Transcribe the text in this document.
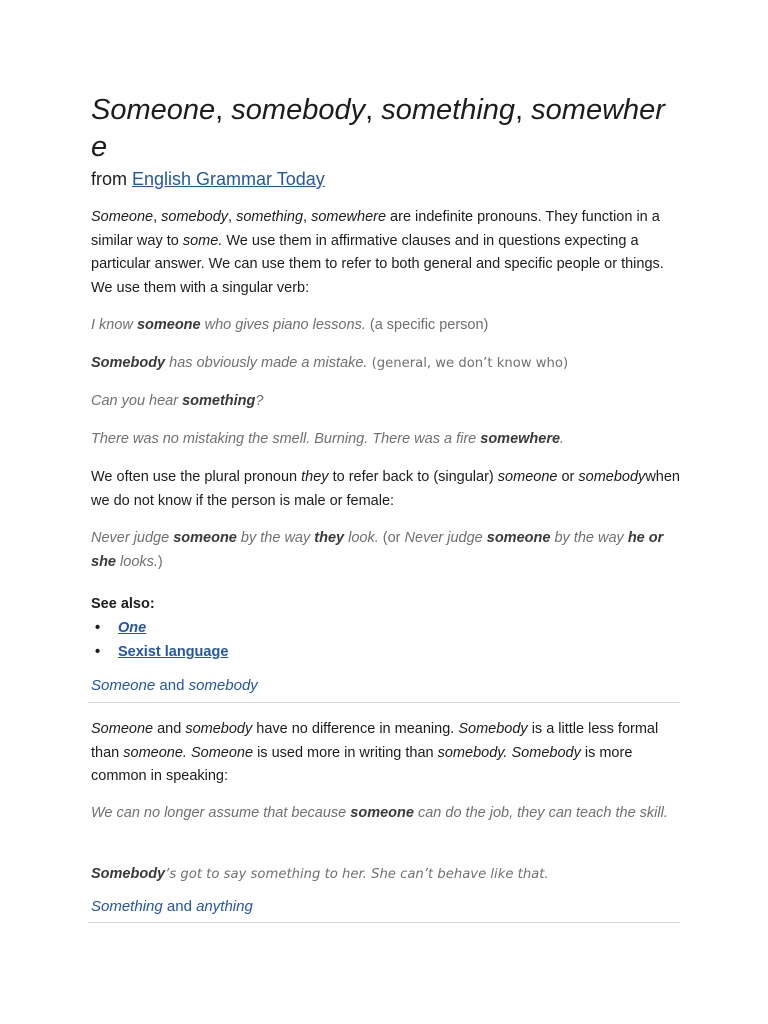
Someone, somebody, something, somewhere
from English Grammar Today
Someone, somebody, something, somewhere are indefinite pronouns. They function in a similar way to some. We use them in affirmative clauses and in questions expecting a particular answer. We can use them to refer to both general and specific people or things. We use them with a singular verb:
I know someone who gives piano lessons. (a specific person)
Somebody has obviously made a mistake. (general, we don’t know who)
Can you hear something?
There was no mistaking the smell. Burning. There was a fire somewhere.
We often use the plural pronoun they to refer back to (singular) someone or somebodywhen we do not know if the person is male or female:
Never judge someone by the way they look. (or Never judge someone by the way he or she looks.)
See also:
• One
• Sexist language
Someone and somebody
Someone and somebody have no difference in meaning. Somebody is a little less formal than someone. Someone is used more in writing than somebody. Somebody is more common in speaking:
We can no longer assume that because someone can do the job, they can teach the skill.
Somebody’s got to say something to her. She can’t behave like that.
Something and anything
